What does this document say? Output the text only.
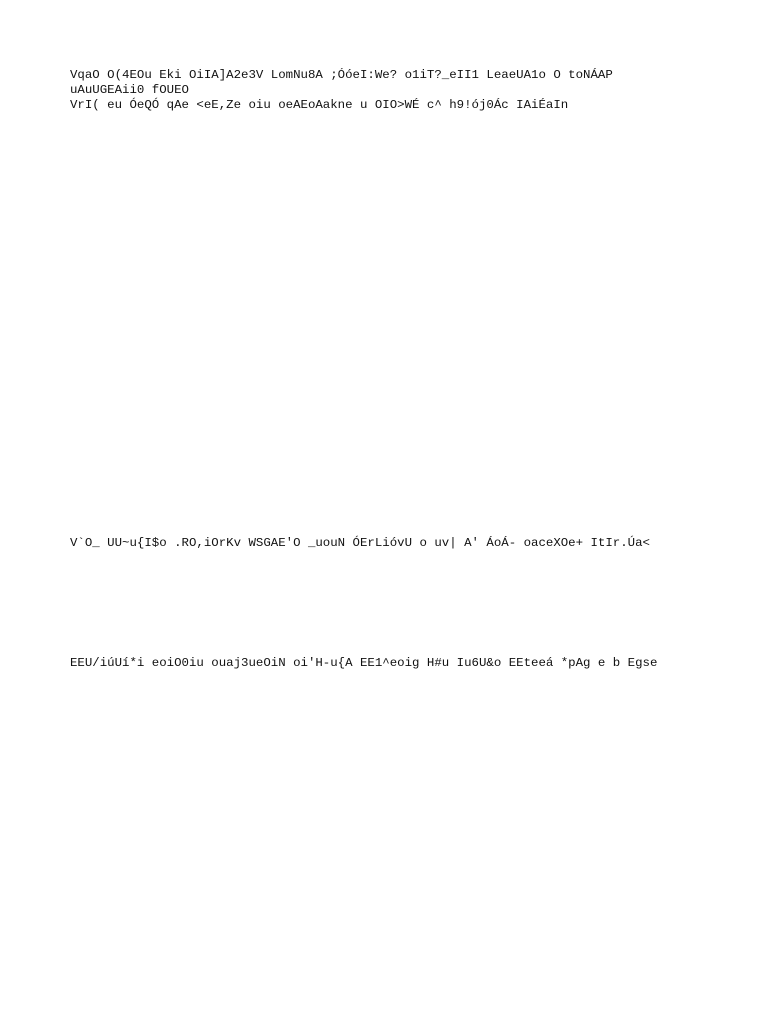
VqaO O(4EOu Eki OiIA]A2e3V LomNu8A ;ÓóeI:We? o1iT?_eII1 LeaeUA1o O toNÁAP
uAuUGEAii0 fOUEO
VrI( eu ÓeQÓ qAe <eE,Ze oiu oeAEoAakne u OIO>WÉ c^ h9!ój0Ác IAiÉaIn
V`O_ UU~u{I$o .RO,iOrKv WSGAE'O _uouN ÓErLióvU o uv| A' ÁoÁ- oaceXOe+ ItIr.Úa<
EEU/iúUí*i eoiO0iu ouaj3ueOiN oi'H-u{A EE1^eoig H#u Iu6U&o EEteeá *pAg e b Egse
